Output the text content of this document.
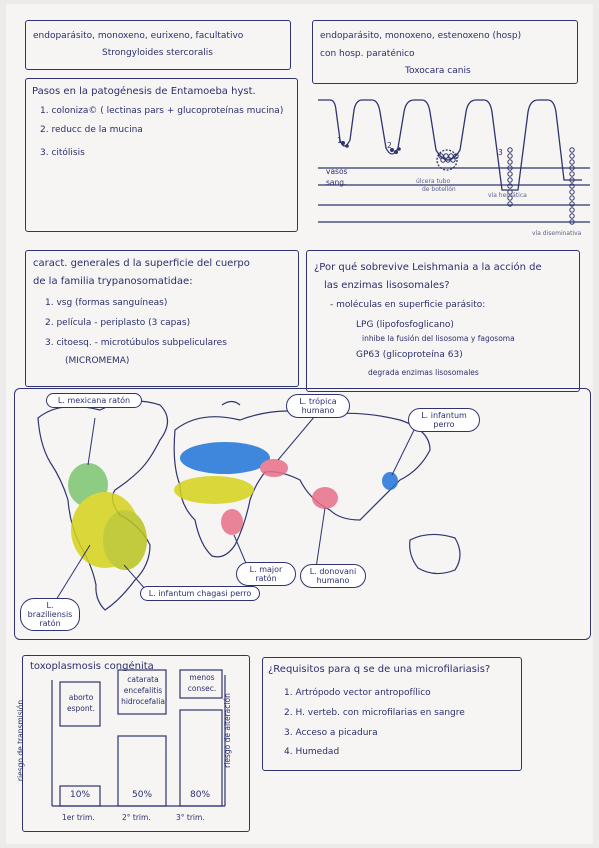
endoparásito, monoxeno, eurixeno, facultativo
Strongyloides stercoralis
endoparásito, monoxeno, estenoxeno (hosp)
con hosp. paraténico
Toxocara canis
Pasos en la patogénesis de Entamoeba hyst.
1. coloniza© ( lectinas pars + glucoproteínas mucina)
2. reducc de la mucina
3. citólisis
1
2
3
vasos
sang.	úlcera tubo
de botellón
vía hemática
vía diseminativa
caract. generales d la superficie del cuerpo
de la familia trypanosomatidae:
1. vsg (formas sanguíneas)
2. película - periplasto (3 capas)
3. citoesq. - microtúbulos subpeliculares
(MICROMEMA)
¿Por qué sobrevive Leishmania a la acción de
las enzimas lisosomales?
- moléculas en superficie parásito:
LPG (lipofosfoglicano)
inhibe la fusión del lisosoma y fagosoma
GP63 (glicoproteína 63)
degrada enzimas lisosomales
L. mexicana ratón	L. trópica humano
L. infantum perro
L. major ratón
L. donovani humano
L. infantum chagasi perro
L. braziliensis ratón
toxoplasmosis congénita
aborto espont.
catarata encefalitis hidrocefalia
menos consec.
10%	50%	80%
1er trim.	2° trim.	3° trim.
riesgo de transmisión	riesgo de alteración
¿Requisitos para q se de una microfilariasis?
1. Artrópodo vector antropofílico
2. H. verteb. con microfilarias en sangre
3. Acceso a picadura
4. Humedad
